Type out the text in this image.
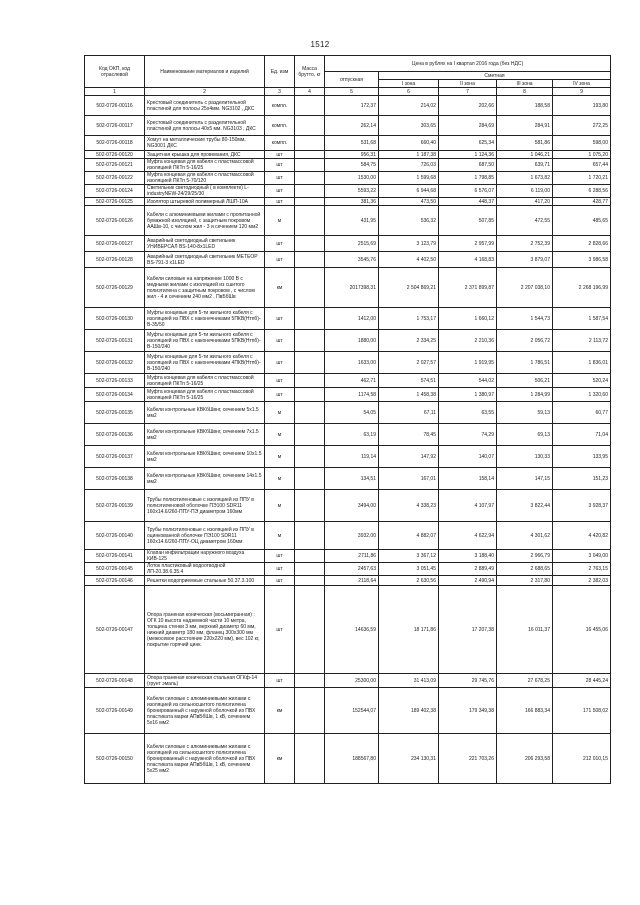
1512
Код ОКП, код отраслевой	Наименование материалов и изделий	Ед. изм	Масса брутто, кг	Цена в рублях на I квартал 2016 года (без НДС)				
				отпускная	Сметная			
					I зона	II зона	III зона	IV зона
1	2	3	4	5	6	7	8	9
502-0726-00116	Крестовый соединитель с разделительной пластиной для полосы 25х4мм. NG3102 , ДКС	компл.		172,37	214,02	202,66	188,58	193,80
502-0726-00117	Крестовый соединитель с разделительной пластиной для полосы 40х5 мм. NG3103 , ДКС	компл.		262,14	303,65	284,69	284,91	272,25
502-0726-00118	Хомут на металлические трубы 80-150мм, NG3001 ДКС	компл.		531,68	660,40	625,34	581,86	598,00
502-0726-00120	Защитная крышка для провевания, ДКС	шт		956,31	1 187,38	1 124,36	1 046,21	1 075,20
502-0726-00121	Муфта концевая для кабеля с пластмассовой изоляцией ПКТп 5-16/25	шт		584,75	726,03	687,50	639,71	657,44
502-0726-00122	Муфта концевая для кабеля с пластмассовой изоляцией ПКТп 5-70/120	шт		1530,00	1 599,68	1 798,85	1 673,82	1 720,21
502-0726-00124	Светильник светодиодный ( в комплекте) L-industryNEW-24/29/25/30	шт		5593,22	6 944,68	6 576,07	6 119,00	6 288,56
502-0726-00125	Изолятор штыревой полимерный ЛШП-10А	шт		381,36	473,50	448,37	417,20	428,77
502-0726-00126	Кабели с алюминиевыми жилами с пропитанной бумажной изоляцией, с защитным покровом ААШв-10, с числом жил - 3 и сечением 120 мм2	м		431,95	536,32	507,85	472,55	485,65
502-0726-00127	Аварийный светодиодный светильник УНИВЕРСАЛ BS-140-8x1LED	шт		2515,69	3 123,79	2 957,99	2 752,39	2 828,66
502-0726-00128	Аварийный светодиодный светильник МЕТЕОР BS-791-3 x1LED	шт		3545,76	4 402,50	4 168,83	3 879,07	3 986,58
502-0726-00129	Кабели силовые на напряжение 1000 В с медными жилами с изоляцией из сшитого полиэтилена с защитным покровом , с числом жил - 4 и сечением 240 мм2 . ПвБбШв	км		2017398,31	2 504 869,21	2 371 899,87	2 207 038,10	2 268 196,99
502-0726-00130	Муфты концевые для 5-ти жильного кабеля с изоляцией из ПВХ с наконечниками 5ПКВ(Нтпб)-В-35/50	шт		1412,00	1 753,17	1 660,12	1 544,73	1 587,54
502-0726-00131	Муфты концевые для 5-ти жильного кабеля с изоляцией из ПВХ с наконечниками 5ПКВ(Нтпб)-В-150/240	шт		1880,00	2 334,25	2 210,36	2 056,72	2 113,72
502-0726-00132	Муфты концевые для 5-ти жильного кабеля с изоляцией из ПВХ с наконечниками 4ПКВ(Нтпб)-В-150/240	шт		1633,00	2 027,57	1 919,95	1 786,51	1 836,01
502-0726-00133	Муфта концевая для кабеля с пластмассовой изоляцией ПКТп 5-16/25	шт		462,71	574,51	544,02	506,21	520,24
502-0726-00134	Муфта концевая для кабеля с пластмассовой изоляцией ПКТп 5-16/25	шт		1174,58	1 458,38	1 380,97	1 284,99	1 320,60
502-0726-00135	Кабели контрольные КВКбШвнг, сечением 5x1.5 мм2	м		54,05	67,11	63,55	59,13	60,77
502-0726-00136	Кабели контрольные КВКбШвнг, сечением 7x1.5 мм2	м		63,19	78,45	74,29	69,13	71,04
502-0726-00137	Кабели контрольные КВКбШвнг, сечением 10x1.5 мм2	м		119,14	147,92	140,07	130,33	133,95
502-0726-00138	Кабели контрольные КВКбШвнг, сечением 14x1.5 мм2	м		134,51	167,01	158,14	147,15	151,23
502-0726-00139	Трубы полиэтиленовые с изоляцией из ППУ в полиэтиленовой оболочке ПЭ100 SDR11 160x14.6/260-ППУ-ПЭ диаметром 160мм	м		3494,00	4 338,23	4 107,97	3 822,44	3 928,37
502-0726-00140	Трубы полиэтиленовые с изоляцией из ППУ в оцинкованной оболочке ПЭ100 SDR11 160x14.6/260-ППУ-ОЦ диаметром 160мм	м		3932,00	4 882,07	4 622,94	4 301,62	4 420,82
502-0726-00141	Клапан инфильтрации наружного воздуха КИВ-125	шт		2711,86	3 367,12	3 188,40	2 966,79	3 049,00
502-0726-00145	Лоток пластиковый водоотводной ЛП-20.38.6.35.4	шт		2457,63	3 051,45	2 889,49	2 688,65	2 763,15
502-0726-00146	Решетки водоприемные стальные 50.37.3.100	шт		2118,64	2 630,56	2 490,94	2 317,80	2 382,03
502-0726-00147	Опора граненая коническая (восьмигранная) : ОГК 10 высота надземной части 10 метра, толщина стенки 3 мм, верхний диаметр 60 мм, нижний диаметр 180 мм, фланец 300х300 мм (межосевое расстояние 220х220 мм), вес 102 кг, покрытие горячий цинк.	шт		14636,59	18 171,86	17 207,38	16 011,37	16 455,06
502-0726-00148	Опора граненая коническая стальная ОГКф-14 (грунт эмаль)	шт		25300,00	31 413,09	29 745,76	27 678,25	28 445,24
502-0726-00149	Кабели силовые с алюминиевыми жилами с изоляцией из сильносшитого полиэтилена бронированный с наружной оболочкой из ПВХ пластиката марки АПвБбШв, 1 кВ, сечением 5х16 мм2	км		152544,07	189 402,38	179 349,38	166 883,34	171 508,02
502-0726-00150	Кабели силовые с алюминиевыми жилами с изоляцией из сильносшитого полиэтилена бронированный с наружной оболочкой из ПВХ пластиката марки АПвБбШв, 1 кВ, сечением 5х25 мм2	км		188567,80	234 130,31	221 703,26	206 293,58	212 010,15
